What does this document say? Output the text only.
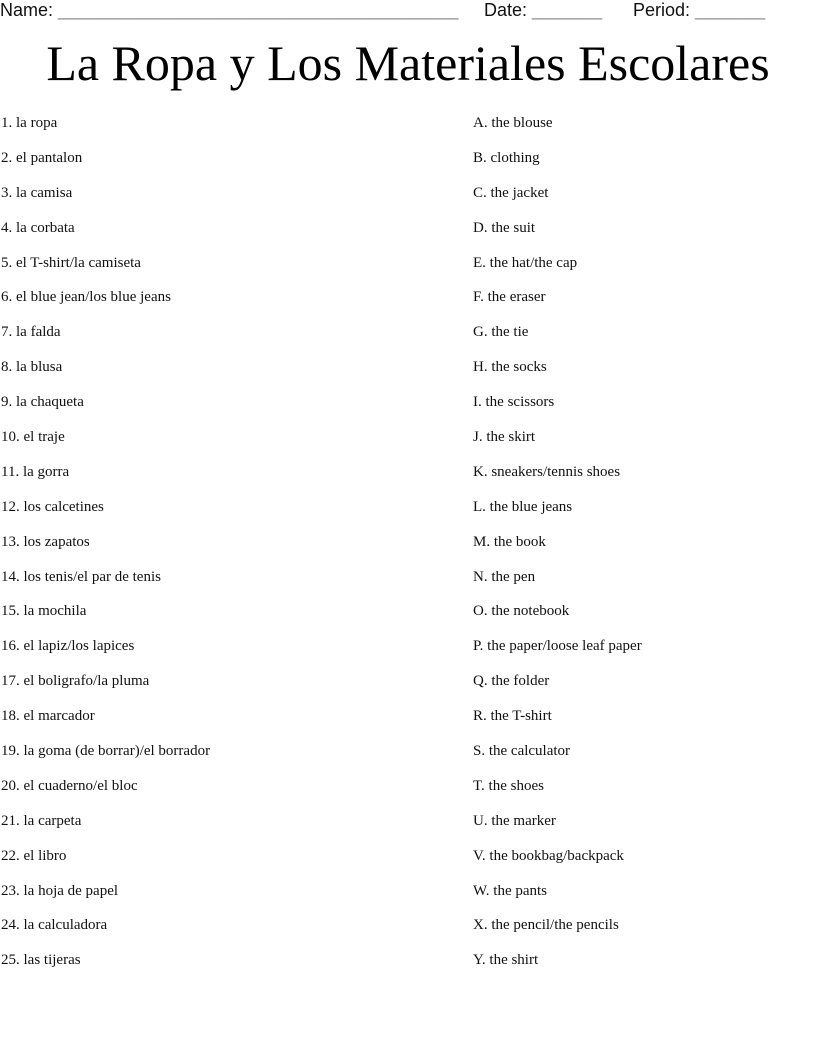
Name: ________________________________________ Date: _______ Period: _______
La Ropa y Los Materiales Escolares
1. la ropa
2. el pantalon
3. la camisa
4. la corbata
5. el T-shirt/la camiseta
6. el blue jean/los blue jeans
7. la falda
8. la blusa
9. la chaqueta
10. el traje
11. la gorra
12. los calcetines
13. los zapatos
14. los tenis/el par de tenis
15. la mochila
16. el lapiz/los lapices
17. el boligrafo/la pluma
18. el marcador
19. la goma (de borrar)/el borrador
20. el cuaderno/el bloc
21. la carpeta
22. el libro
23. la hoja de papel
24. la calculadora
25. las tijeras
A. the blouse
B. clothing
C. the jacket
D. the suit
E. the hat/the cap
F. the eraser
G. the tie
H. the socks
I. the scissors
J. the skirt
K. sneakers/tennis shoes
L. the blue jeans
M. the book
N. the pen
O. the notebook
P. the paper/loose leaf paper
Q. the folder
R. the T-shirt
S. the calculator
T. the shoes
U. the marker
V. the bookbag/backpack
W. the pants
X. the pencil/the pencils
Y. the shirt
